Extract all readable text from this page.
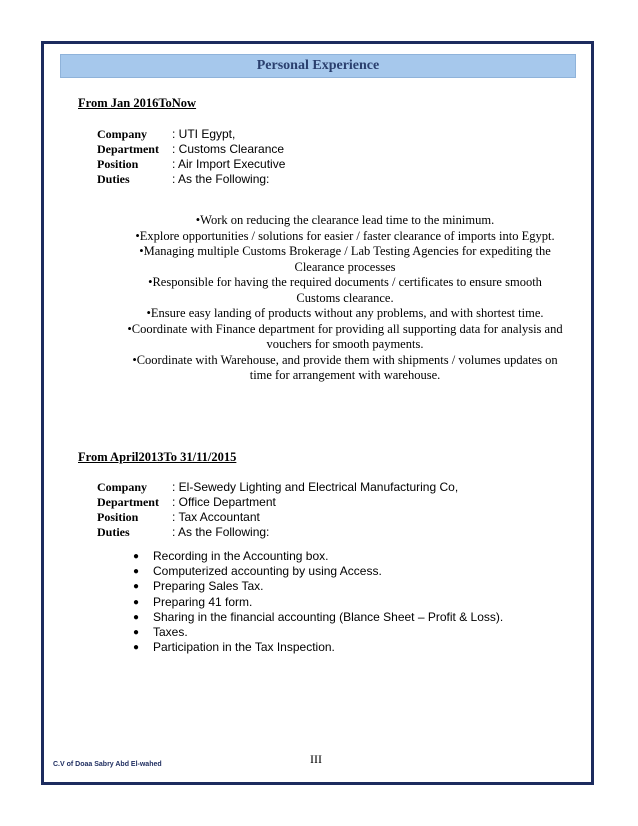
Personal Experience
From Jan 2016ToNow
Company	: UTI Egypt,
Department	: Customs Clearance
Position	: Air Import Executive
Duties	: As the Following:
•Work on reducing the clearance lead time to the minimum.
•Explore opportunities / solutions for easier / faster clearance of imports into Egypt.
•Managing multiple Customs Brokerage / Lab Testing Agencies for expediting the
Clearance processes
•Responsible for having the required documents / certificates to ensure smooth
Customs clearance.
•Ensure easy landing of products without any problems, and with shortest time.
•Coordinate with Finance department for providing all supporting data for analysis and
vouchers for smooth payments.
•Coordinate with Warehouse, and provide them with shipments / volumes updates on
time for arrangement with warehouse.
From April2013To 31/11/2015
Company	: El-Sewedy Lighting and Electrical Manufacturing Co,
Department	: Office Department
Position	: Tax Accountant
Duties	: As the Following:
●	Recording in the Accounting box.
●	Computerized accounting by using Access.
●	Preparing Sales Tax.
●	Preparing 41 form.
●	Sharing in the financial accounting (Blance Sheet – Profit & Loss).
●	Taxes.
●	Participation in the Tax Inspection.
III
C.V of Doaa Sabry Abd El-wahed
